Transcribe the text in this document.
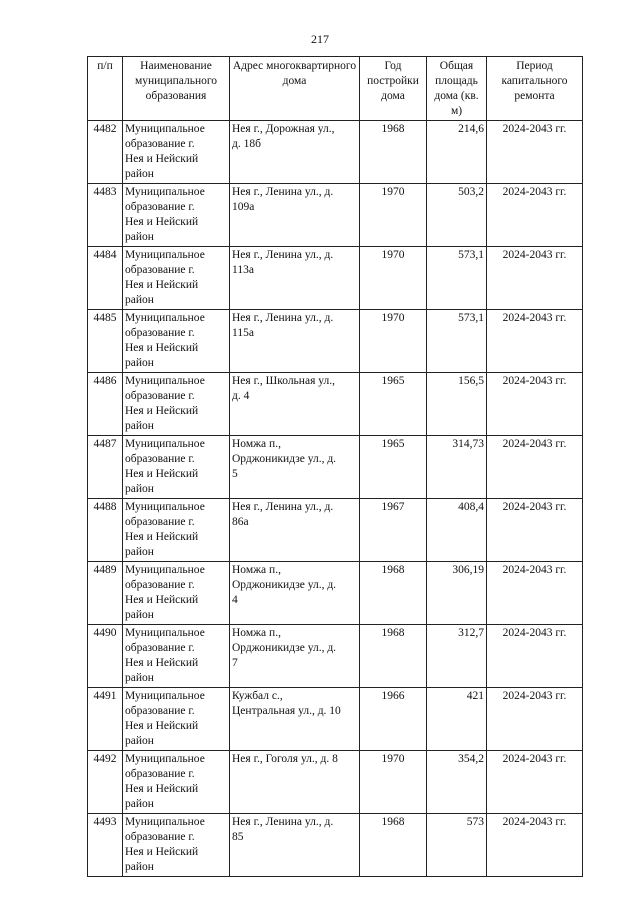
217
п/п	Наименование муниципального образования	Адрес многоквартирного дома	Год постройки дома	Общая площадь дома (кв. м)	Период капитального ремонта
4482	Муниципальное
образование г.
Нея и Нейский
район	Нея г., Дорожная ул.,
д. 18б	1968	214,6	2024-2043 гг.
4483	Муниципальное
образование г.
Нея и Нейский
район	Нея г., Ленина ул., д.
109а	1970	503,2	2024-2043 гг.
4484	Муниципальное
образование г.
Нея и Нейский
район	Нея г., Ленина ул., д.
113а	1970	573,1	2024-2043 гг.
4485	Муниципальное
образование г.
Нея и Нейский
район	Нея г., Ленина ул., д.
115а	1970	573,1	2024-2043 гг.
4486	Муниципальное
образование г.
Нея и Нейский
район	Нея г., Школьная ул.,
д. 4	1965	156,5	2024-2043 гг.
4487	Муниципальное
образование г.
Нея и Нейский
район	Номжа п.,
Орджоникидзе ул., д.
5	1965	314,73	2024-2043 гг.
4488	Муниципальное
образование г.
Нея и Нейский
район	Нея г., Ленина ул., д.
86а	1967	408,4	2024-2043 гг.
4489	Муниципальное
образование г.
Нея и Нейский
район	Номжа п.,
Орджоникидзе ул., д.
4	1968	306,19	2024-2043 гг.
4490	Муниципальное
образование г.
Нея и Нейский
район	Номжа п.,
Орджоникидзе ул., д.
7	1968	312,7	2024-2043 гг.
4491	Муниципальное
образование г.
Нея и Нейский
район	Кужбал с.,
Центральная ул., д. 10	1966	421	2024-2043 гг.
4492	Муниципальное
образование г.
Нея и Нейский
район	Нея г., Гоголя ул., д. 8	1970	354,2	2024-2043 гг.
4493	Муниципальное
образование г.
Нея и Нейский
район	Нея г., Ленина ул., д.
85	1968	573	2024-2043 гг.
